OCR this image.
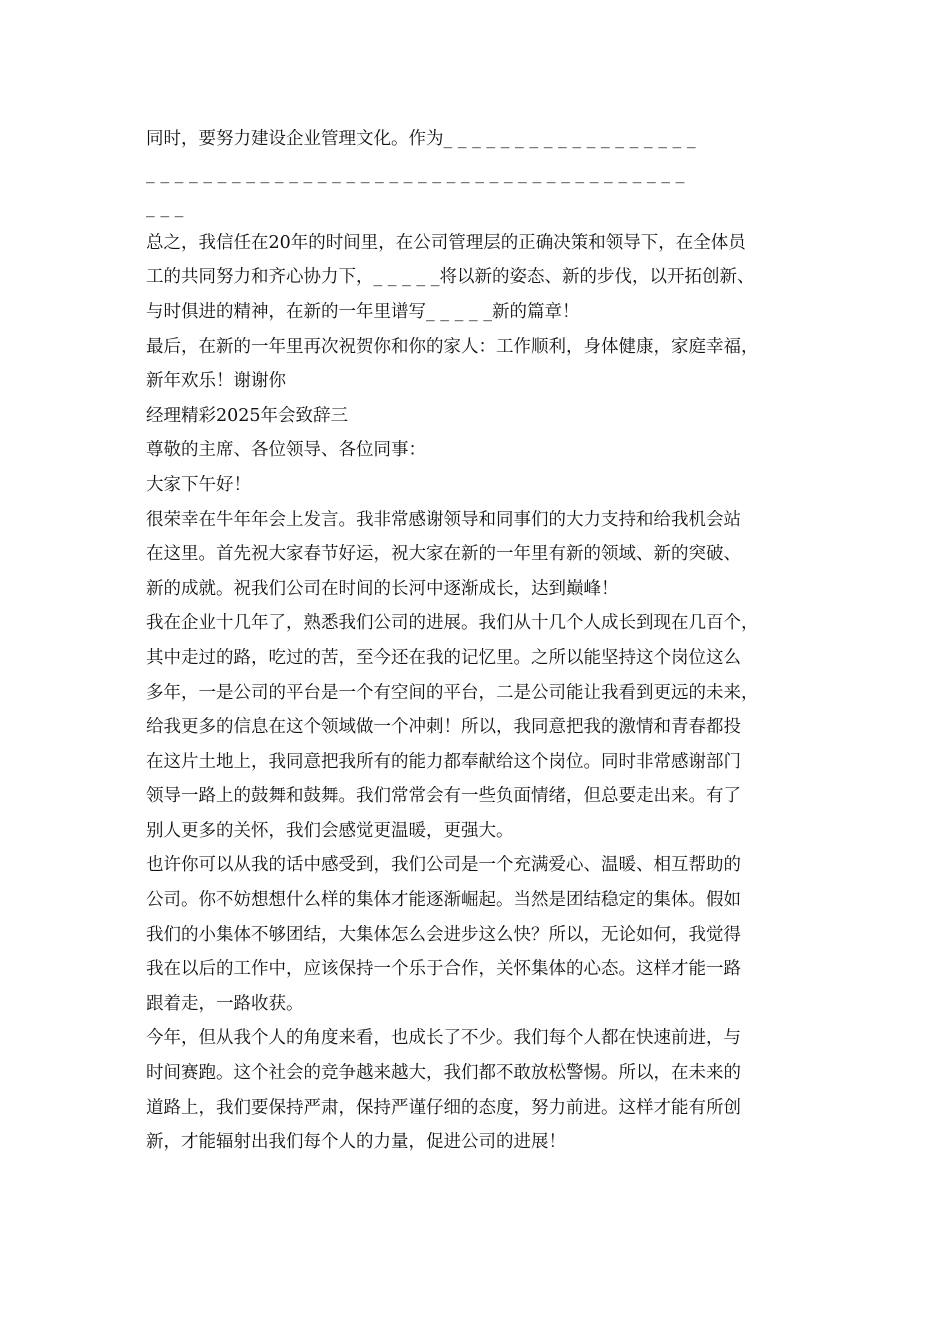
同时，要努力建设企业管理文化。作为_ _ _ _ _ _ _ _ _ _ _ _ _ _ _ _ _ _
_ _ _ _ _ _ _ _ _ _ _ _ _ _ _ _ _ _ _ _ _ _ _ _ _ _ _ _ _ _ _ _ _ _ _ _ _ _
_ _ _
总之，我信任在20年的时间里，在公司管理层的正确决策和领导下，在全体员
工的共同努力和齐心协力下，_ _ _ _ _将以新的姿态、新的步伐，以开拓创新、
与时俱进的精神，在新的一年里谱写_ _ _ _ _新的篇章！
最后，在新的一年里再次祝贺你和你的家人：工作顺利，身体健康，家庭幸福，
新年欢乐！谢谢你
经理精彩2025年会致辞三
尊敬的主席、各位领导、各位同事：
大家下午好！
很荣幸在牛年年会上发言。我非常感谢领导和同事们的大力支持和给我机会站
在这里。首先祝大家春节好运，祝大家在新的一年里有新的领域、新的突破、
新的成就。祝我们公司在时间的长河中逐渐成长，达到巅峰！
我在企业十几年了，熟悉我们公司的进展。我们从十几个人成长到现在几百个，
其中走过的路，吃过的苦，至今还在我的记忆里。之所以能坚持这个岗位这么
多年，一是公司的平台是一个有空间的平台，二是公司能让我看到更远的未来，
给我更多的信息在这个领域做一个冲刺！所以，我同意把我的激情和青春都投
在这片土地上，我同意把我所有的能力都奉献给这个岗位。同时非常感谢部门
领导一路上的鼓舞和鼓舞。我们常常会有一些负面情绪，但总要走出来。有了
别人更多的关怀，我们会感觉更温暖，更强大。
也许你可以从我的话中感受到，我们公司是一个充满爱心、温暖、相互帮助的
公司。你不妨想想什么样的集体才能逐渐崛起。当然是团结稳定的集体。假如
我们的小集体不够团结，大集体怎么会进步这么快？所以，无论如何，我觉得
我在以后的工作中，应该保持一个乐于合作，关怀集体的心态。这样才能一路
跟着走，一路收获。
今年，但从我个人的角度来看，也成长了不少。我们每个人都在快速前进，与
时间赛跑。这个社会的竞争越来越大，我们都不敢放松警惕。所以，在未来的
道路上，我们要保持严肃，保持严谨仔细的态度，努力前进。这样才能有所创
新，才能辐射出我们每个人的力量，促进公司的进展！
